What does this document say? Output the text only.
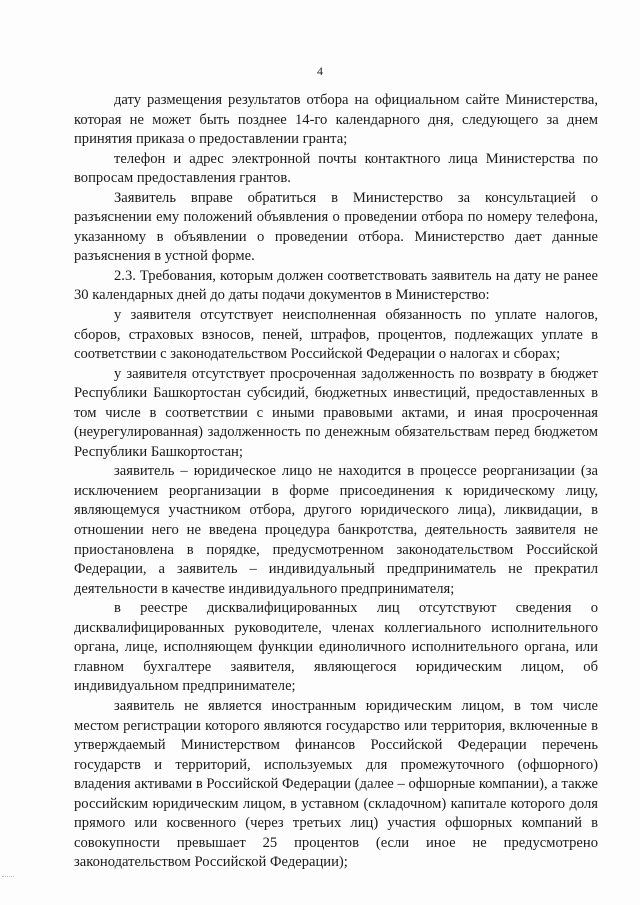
4

дату размещения результатов отбора на официальном сайте Министерства, которая не может быть позднее 14-го календарного дня, следующего за днем принятия приказа о предоставлении гранта;

телефон и адрес электронной почты контактного лица Министерства по вопросам предоставления грантов.

Заявитель вправе обратиться в Министерство за консультацией о разъяснении ему положений объявления о проведении отбора по номеру телефона, указанному в объявлении о проведении отбора. Министерство дает данные разъяснения в устной форме.

2.3. Требования, которым должен соответствовать заявитель на дату не ранее 30 календарных дней до даты подачи документов в Министерство:

у заявителя отсутствует неисполненная обязанность по уплате налогов, сборов, страховых взносов, пеней, штрафов, процентов, подлежащих уплате в соответствии с законодательством Российской Федерации о налогах и сборах;

у заявителя отсутствует просроченная задолженность по возврату в бюджет Республики Башкортостан субсидий, бюджетных инвестиций, предоставленных в том числе в соответствии с иными правовыми актами, и иная просроченная (неурегулированная) задолженность по денежным обязательствам перед бюджетом Республики Башкортостан;

заявитель – юридическое лицо не находится в процессе реорганизации (за исключением реорганизации в форме присоединения к юридическому лицу, являющемуся участником отбора, другого юридического лица), ликвидации, в отношении него не введена процедура банкротства, деятельность заявителя не приостановлена в порядке, предусмотренном законодательством Российской Федерации, а заявитель – индивидуальный предприниматель не прекратил деятельности в качестве индивидуального предпринимателя;

в реестре дисквалифицированных лиц отсутствуют сведения о дисквалифицированных руководителе, членах коллегиального исполнительного органа, лице, исполняющем функции единоличного исполнительного органа, или главном бухгалтере заявителя, являющегося юридическим лицом, об индивидуальном предпринимателе;

заявитель не является иностранным юридическим лицом, в том числе местом регистрации которого являются государство или территория, включенные в утверждаемый Министерством финансов Российской Федерации перечень государств и территорий, используемых для промежуточного (офшорного) владения активами в Российской Федерации (далее – офшорные компании), а также российским юридическим лицом, в уставном (складочном) капитале которого доля прямого или косвенного (через третьих лиц) участия офшорных компаний в совокупности превышает 25 процентов (если иное не предусмотрено законодательством Российской Федерации);
